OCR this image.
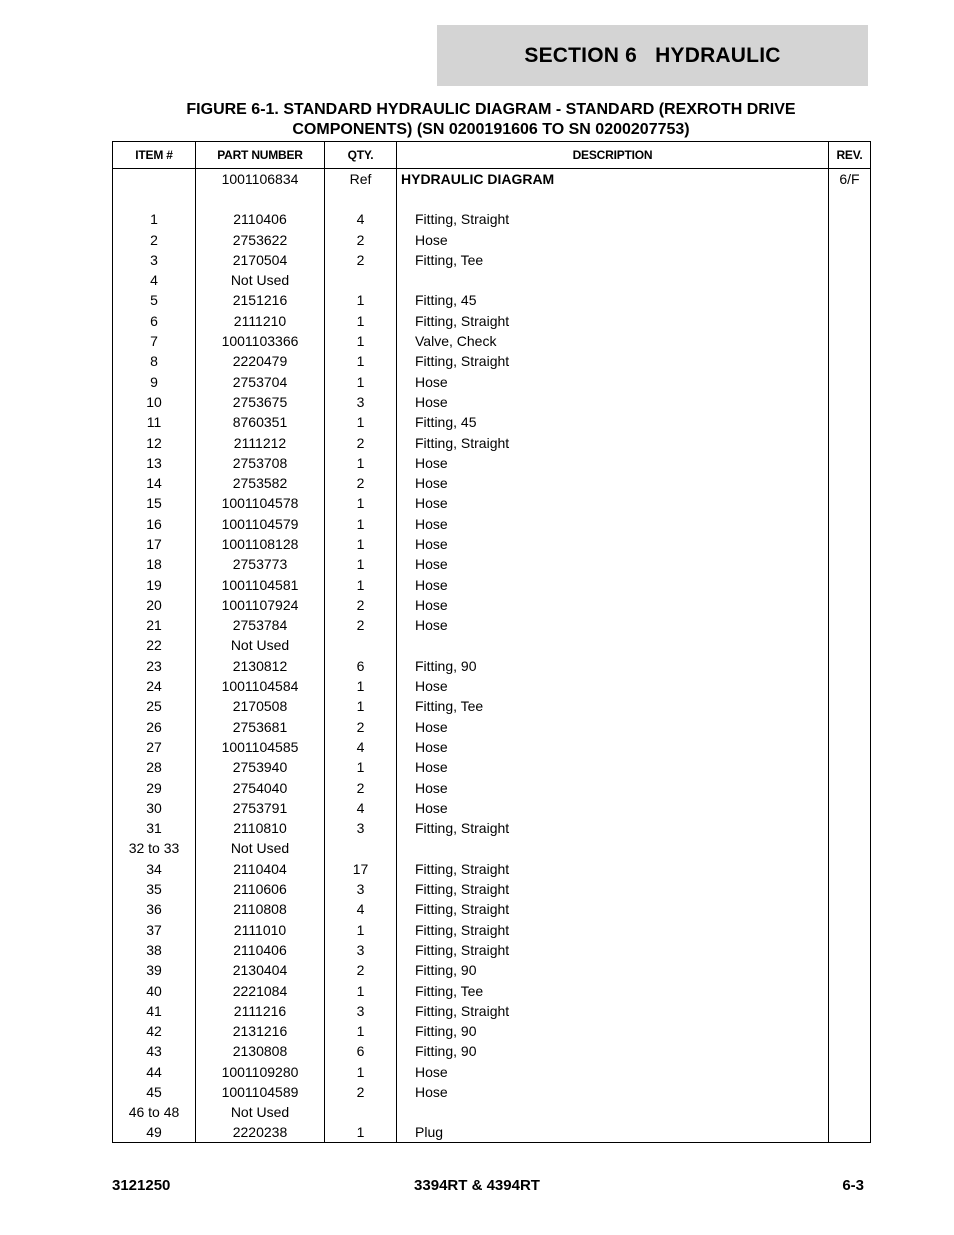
SECTION 6   HYDRAULIC
FIGURE 6-1. STANDARD HYDRAULIC DIAGRAM - STANDARD (REXROTH DRIVE
COMPONENTS) (SN 0200191606 TO SN 0200207753)
ITEM #	PART NUMBER	QTY.	DESCRIPTION	REV.
	1001106834	Ref	HYDRAULIC DIAGRAM	6/F

1	2110406	4	Fitting, Straight	
2	2753622	2	Hose	
3	2170504	2	Fitting, Tee	
4	Not Used			
5	2151216	1	Fitting, 45	
6	2111210	1	Fitting, Straight	
7	1001103366	1	Valve, Check	
8	2220479	1	Fitting, Straight	
9	2753704	1	Hose	
10	2753675	3	Hose	
11	8760351	1	Fitting, 45	
12	2111212	2	Fitting, Straight	
13	2753708	1	Hose	
14	2753582	2	Hose	
15	1001104578	1	Hose	
16	1001104579	1	Hose	
17	1001108128	1	Hose	
18	2753773	1	Hose	
19	1001104581	1	Hose	
20	1001107924	2	Hose	
21	2753784	2	Hose	
22	Not Used			
23	2130812	6	Fitting, 90	
24	1001104584	1	Hose	
25	2170508	1	Fitting, Tee	
26	2753681	2	Hose	
27	1001104585	4	Hose	
28	2753940	1	Hose	
29	2754040	2	Hose	
30	2753791	4	Hose	
31	2110810	3	Fitting, Straight	
32 to 33	Not Used			
34	2110404	17	Fitting, Straight	
35	2110606	3	Fitting, Straight	
36	2110808	4	Fitting, Straight	
37	2111010	1	Fitting, Straight	
38	2110406	3	Fitting, Straight	
39	2130404	2	Fitting, 90	
40	2221084	1	Fitting, Tee	
41	2111216	3	Fitting, Straight	
42	2131216	1	Fitting, 90	
43	2130808	6	Fitting, 90	
44	1001109280	1	Hose	
45	1001104589	2	Hose	
46 to 48	Not Used			
49	2220238	1	Plug	
3121250	3394RT & 4394RT	6-3
